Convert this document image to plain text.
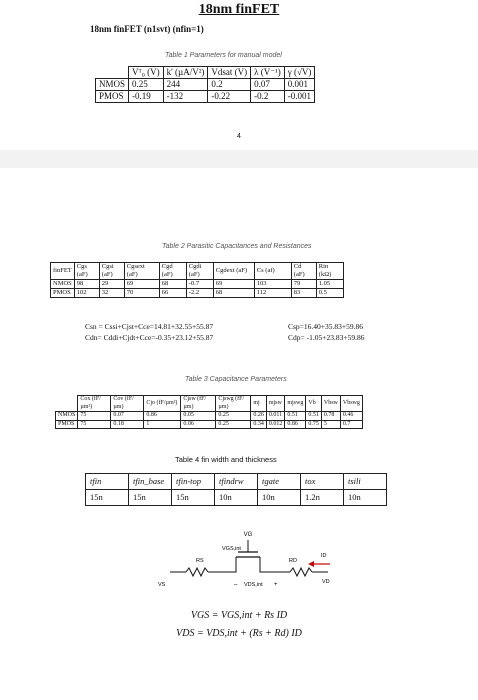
18nm finFET
18nm finFET (n1svt) (nfin=1)
Table 1 Parameters for manual model
	Vᵀ₀ (V)	k' (µA/V²)	Vdsat (V)	λ (V⁻¹)	γ (√V)
NMOS	0.25	244	0.2	0.07	0.001
PMOS	-0.19	-132	-0.22	-0.2	-0.001
4
Table 2 Parasitic Capacitances and Resistances
finFET	Cgs (aF)	Cgsi (aF)	Cgsext (aF)	Cgd (aF)	Cgdi (aF)	Cgdext (aF)	Cs (af)	Cd (aF)	Rin (kΩ)
NMOS	98	29	69	68	-0.7	69	103	79	1.05
PMOS	102	32	70	66	-2.2	68	112	83	0.5
Csn = Cssi+Cjst+Cce=14.81+32.55+55.87	Csp=16.40+35.83+59.86
Cdn= Cddi+Cjdt+Cce=-0.35+23.12+55.87	Cdp= -1.05+23.83+59.86
Table 3 Capacitance Parameters
	Cox (fF/µm²)	Cov (fF/µm)	Cjo (fF/µm²)	Cjsw (fF/µm)	Cjswg (fF/µm)	mj	mjsw	mjswg	Vb	Vbsw	Vbswg
NMOS	75	0.07	0.86	0.05	0.25	0.26	0.011	0.51	0.51	0.78	0.46
PMOS	75	0.18	1	0.06	0.25	0.34	0.012	0.86	0.75	5	0.7
Table 4 fin width and thickness
tfin	tfin_base	tfin-top	tfindrw	tgate	tox	tsili
15n	15n	15n	10n	10n	1.2n	10n
VG
VGS,int
RS	RD
ID
VS	VD
– VDS,int +
VGS = VGS,int + Rs ID
VDS = VDS,int + (Rs + Rd) ID
